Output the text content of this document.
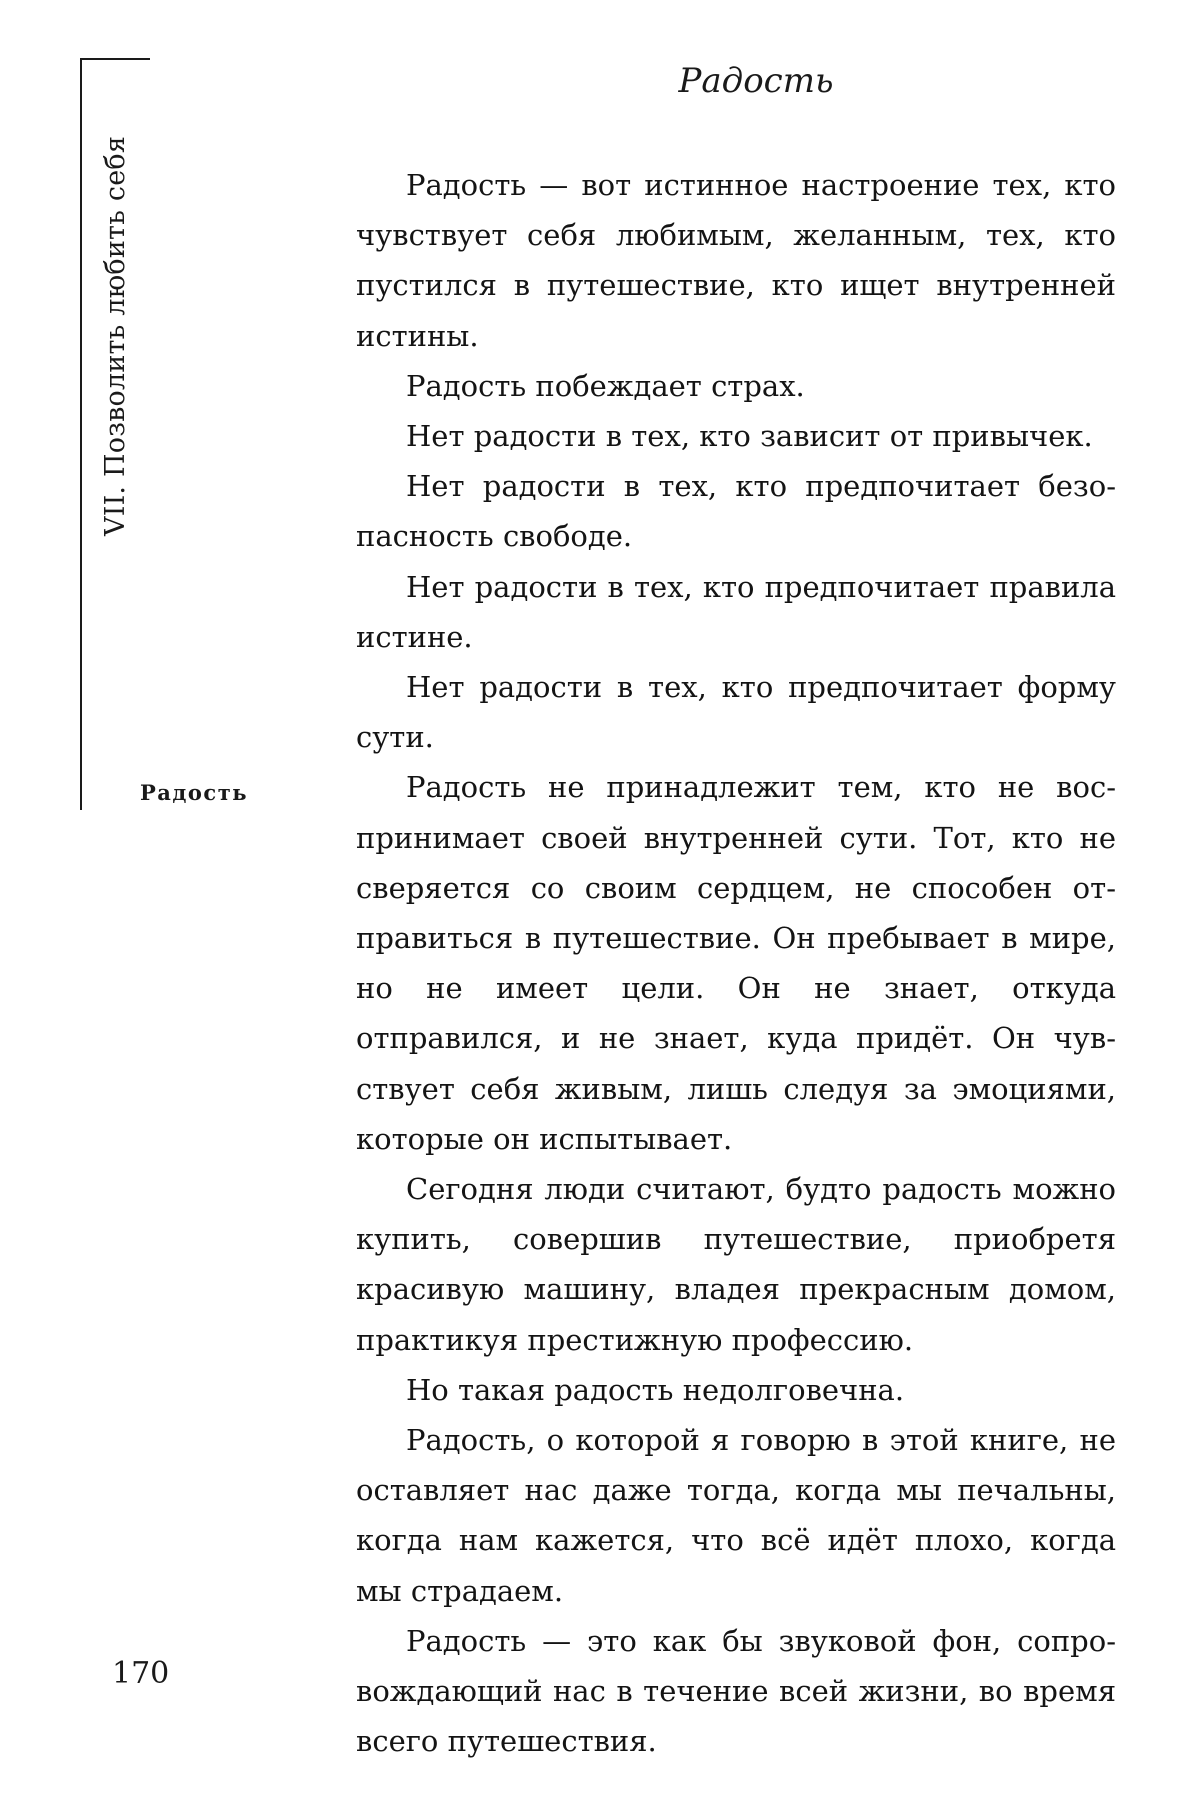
VII. Позволить любить себя
Радость
170
Радость

Радость — вот истинное настроение тех, кто чувствует себя любимым, желанным, тех, кто пустился в путешествие, кто ищет внутренней истины.

Радость побеждает страх.

Нет радости в тех, кто зависит от привычек.

Нет радости в тех, кто предпочитает безопасность свободе.

Нет радости в тех, кто предпочитает правила истине.

Нет радости в тех, кто предпочитает форму сути.

Радость не принадлежит тем, кто не воспринимает своей внутренней сути. Тот, кто не сверяется со своим сердцем, не способен отправиться в путешествие. Он пребывает в мире, но не имеет цели. Он не знает, откуда отправился, и не знает, куда придёт. Он чувствует себя живым, лишь следуя за эмоциями, которые он испытывает.

Сегодня люди считают, будто радость можно купить, совершив путешествие, приобретя красивую машину, владея прекрасным домом, практикуя престижную профессию.

Но такая радость недолговечна.

Радость, о которой я говорю в этой книге, не оставляет нас даже тогда, когда мы печальны, когда нам кажется, что всё идёт плохо, когда мы страдаем.

Радость — это как бы звуковой фон, сопровождающий нас в течение всей жизни, во время всего путешествия.
